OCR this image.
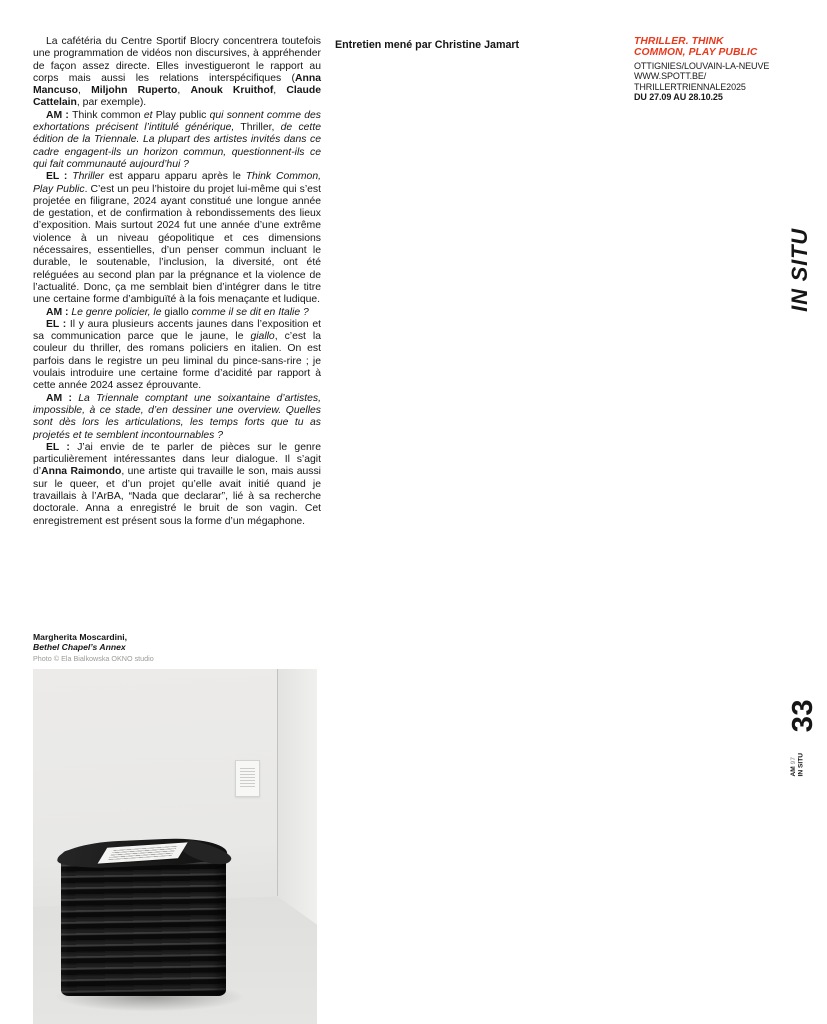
La cafétéria du Centre Sportif Blocry concentrera toutefois une programmation de vidéos non discursives, à appréhender de façon assez directe. Elles investigueront le rapport au corps mais aussi les relations interspécifiques (Anna Mancuso, Miljohn Ruperto, Anouk Kruithof, Claude Cattelain, par exemple).

AM : Think common et Play public qui sonnent comme des exhortations précisent l’intitulé générique, Thriller, de cette édition de la Triennale. La plupart des artistes invités dans ce cadre engagent-ils un horizon commun, questionnent-ils ce qui fait communauté aujourd’hui ?

EL : Thriller est apparu apparu après le Think Common, Play Public. C’est un peu l’histoire du projet lui-même qui s’est projetée en filigrane, 2024 ayant constitué une longue année de gestation, et de confirmation à rebondissements des lieux d’exposition. Mais surtout 2024 fut une année d’une extrême violence à un niveau géopolitique et ces dimensions nécessaires, essentielles, d’un penser commun incluant le durable, le soutenable, l’inclusion, la diversité, ont été reléguées au second plan par la prégnance et la violence de l’actualité. Donc, ça me semblait bien d’intégrer dans le titre une certaine forme d’ambiguïté à la fois menaçante et ludique.

AM : Le genre policier, le giallo comme il se dit en Italie ?

EL : Il y aura plusieurs accents jaunes dans l’exposition et sa communication parce que le jaune, le giallo, c’est la couleur du thriller, des romans policiers en italien. On est parfois dans le registre un peu liminal du pince-sans-rire ; je voulais introduire une certaine forme d’acidité par rapport à cette année 2024 assez éprouvante.

AM : La Triennale comptant une soixantaine d’artistes, impossible, à ce stade, d’en dessiner une overview. Quelles sont dès lors les articulations, les temps forts que tu as projetés et te semblent incontournables ?

EL : J’ai envie de te parler de pièces sur le genre particulièrement intéressantes dans leur dialogue. Il s’agit d’Anna Raimondo, une artiste qui travaille le son, mais aussi sur le queer, et d’un projet qu’elle avait initié quand je travaillais à l’ArBA, “Nada que declarar”, lié à sa recherche doctorale. Anna a enregistré le bruit de son vagin. Cet enregistrement est présent sous la forme d’un mégaphone.

THRILLER. THINK
COMMON, PLAY PUBLIC
OTTIGNIES/LOUVAIN-LA-NEUVE
WWW.SPOTT.BE/
THRILLERTRIENNALE2025
DU 27.09 AU 28.10.25

Entretien mené par Christine Jamart

Margherita Moscardini,
Bethel Chapel’s Annex
Photo © Ela Bialkowska OKNO studio
IN SITU
33
AM 97 IN SITU
